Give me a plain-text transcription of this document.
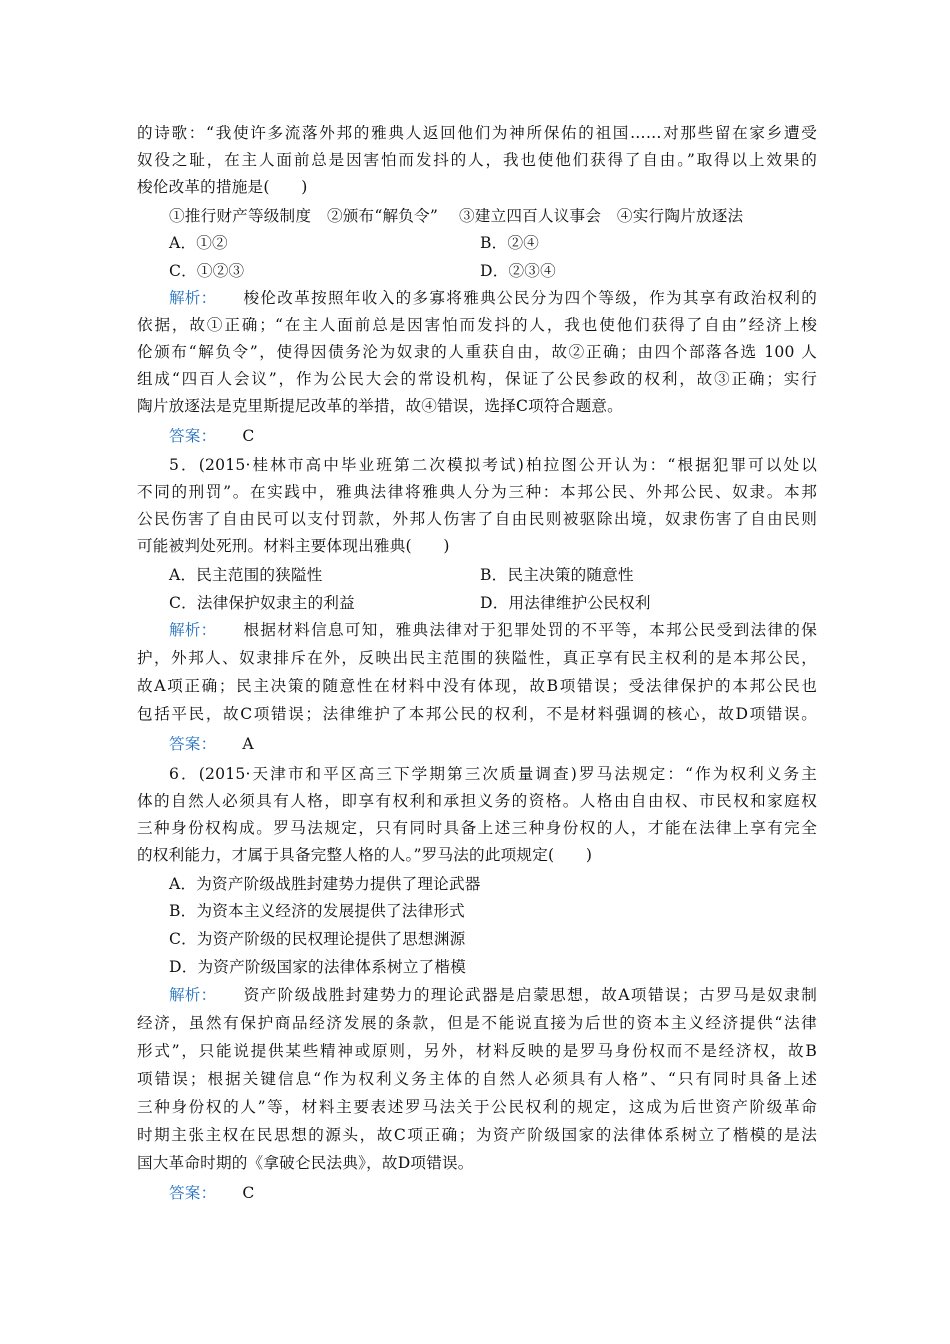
的诗歌：“我使许多流落外邦的雅典人返回他们为神所保佑的祖国……对那些留在家乡遭受
奴役之耻，在主人面前总是因害怕而发抖的人，我也使他们获得了自由。”取得以上效果的
梭伦改革的措施是(　　)
①推行财产等级制度　②颁布“解负令”　 ③建立四百人议事会　④实行陶片放逐法
A．①②	B．②④
C．①②③	D．②③④
解析： 梭伦改革按照年收入的多寡将雅典公民分为四个等级，作为其享有政治权利的
依据，故①正确；“在主人面前总是因害怕而发抖的人，我也使他们获得了自由”经济上梭
伦颁布“解负令”，使得因债务沦为奴隶的人重获自由，故②正确；由四个部落各选 100 人
组成“四百人会议”，作为公民大会的常设机构，保证了公民参政的权利，故③正确；实行
陶片放逐法是克里斯提尼改革的举措，故④错误，选择C项符合题意。
答案： C
5．(2015·桂林市高中毕业班第二次模拟考试)柏拉图公开认为：“根据犯罪可以处以
不同的刑罚”。在实践中，雅典法律将雅典人分为三种：本邦公民、外邦公民、奴隶。本邦
公民伤害了自由民可以支付罚款，外邦人伤害了自由民则被驱除出境，奴隶伤害了自由民则
可能被判处死刑。材料主要体现出雅典(　　)
A．民主范围的狭隘性	B．民主决策的随意性
C．法律保护奴隶主的利益	D．用法律维护公民权利
解析： 根据材料信息可知，雅典法律对于犯罪处罚的不平等，本邦公民受到法律的保
护，外邦人、奴隶排斥在外，反映出民主范围的狭隘性，真正享有民主权利的是本邦公民，
故A项正确；民主决策的随意性在材料中没有体现，故B项错误；受法律保护的本邦公民也
包括平民，故C项错误；法律维护了本邦公民的权利，不是材料强调的核心，故D项错误。
答案： A
6．(2015·天津市和平区高三下学期第三次质量调查)罗马法规定：“作为权利义务主
体的自然人必须具有人格，即享有权利和承担义务的资格。人格由自由权、市民权和家庭权
三种身份权构成。罗马法规定，只有同时具备上述三种身份权的人，才能在法律上享有完全
的权利能力，才属于具备完整人格的人。”罗马法的此项规定(　　)
A．为资产阶级战胜封建势力提供了理论武器
B．为资本主义经济的发展提供了法律形式
C．为资产阶级的民权理论提供了思想渊源
D．为资产阶级国家的法律体系树立了楷模
解析： 资产阶级战胜封建势力的理论武器是启蒙思想，故A项错误；古罗马是奴隶制
经济，虽然有保护商品经济发展的条款，但是不能说直接为后世的资本主义经济提供“法律
形式”，只能说提供某些精神或原则，另外，材料反映的是罗马身份权而不是经济权，故B
项错误；根据关键信息“作为权利义务主体的自然人必须具有人格”、“只有同时具备上述
三种身份权的人”等，材料主要表述罗马法关于公民权利的规定，这成为后世资产阶级革命
时期主张主权在民思想的源头，故C项正确；为资产阶级国家的法律体系树立了楷模的是法
国大革命时期的《拿破仑民法典》，故D项错误。
答案： C
